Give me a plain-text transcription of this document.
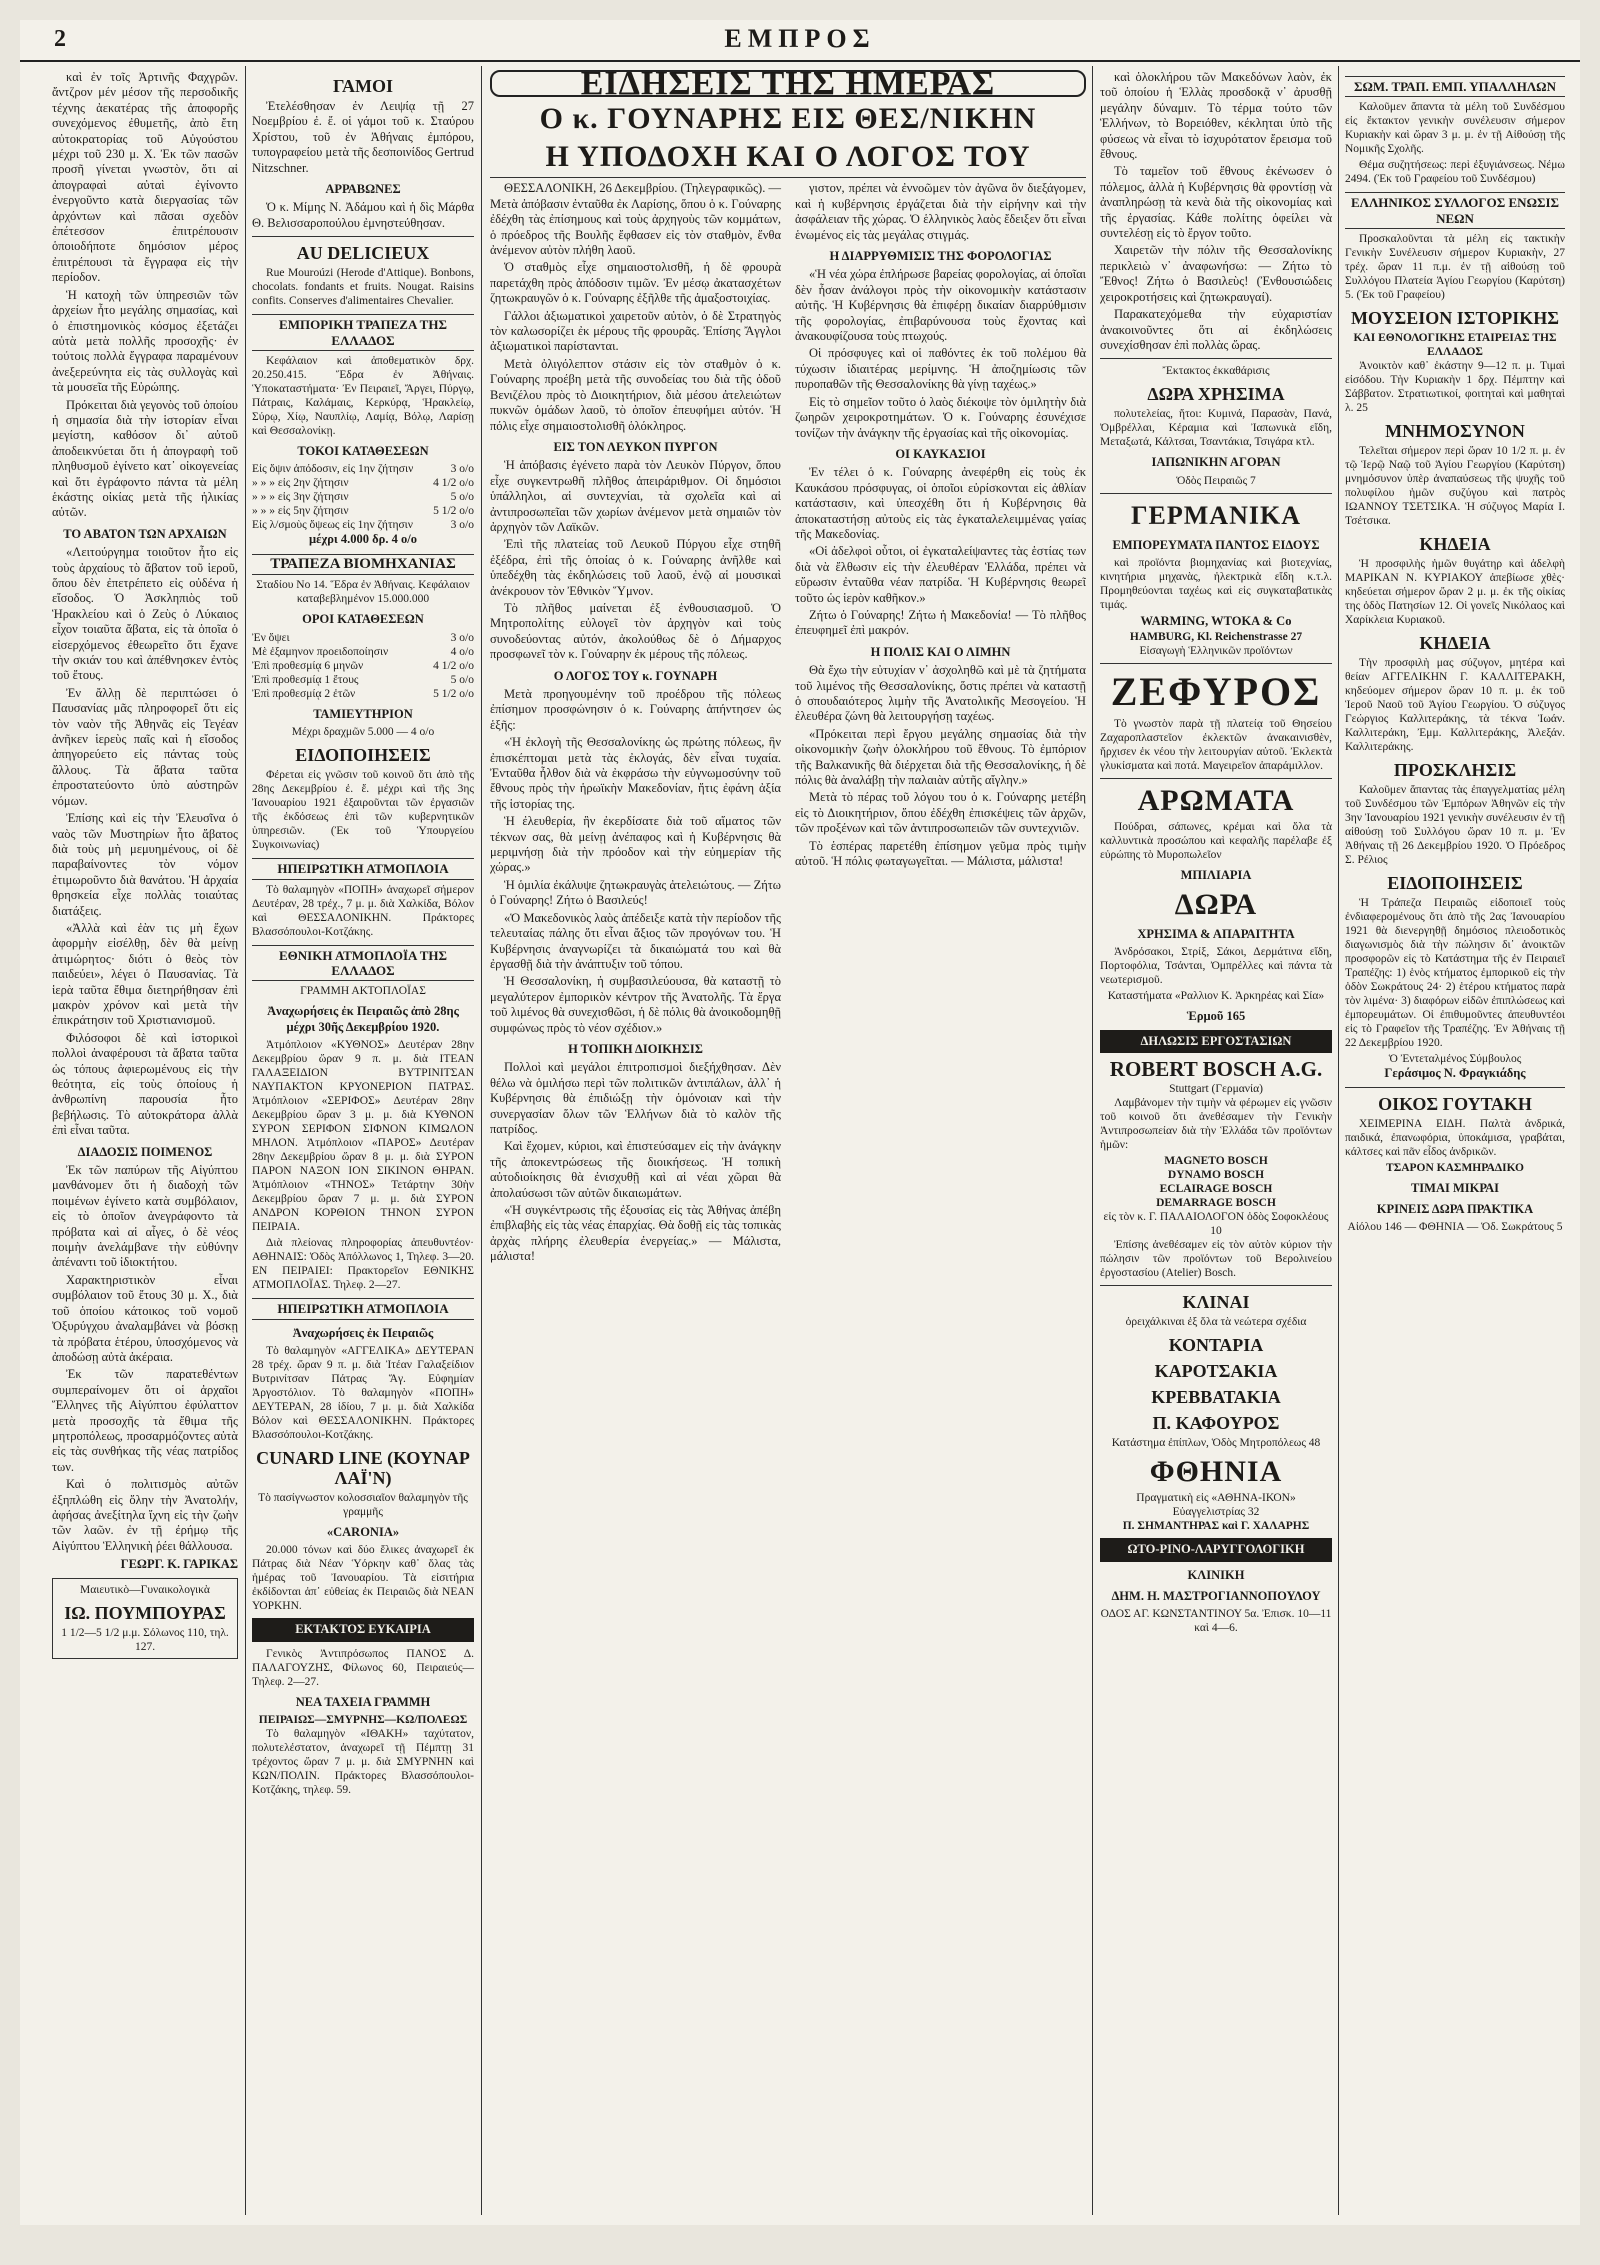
2	ΕΜΠΡΟΣ

καὶ ἐν τοῖς Ἀρτινῆς Φαχγρῶν. ἄντζρον μέν μέσον τῆς περσοδικῆς τέχνης ἀεκατέρας τῆς ἀποφορῆς συνεχόμενος ἐθυμετῆς, ἀπὸ ἔτη αὐτοκρατορίας τοῦ Αὐγούστου μέχρι τοῦ 230 μ. Χ. Ἐκ τῶν πασῶν προσῆ γίνεται γνωστὸν, ὅτι αἱ ἀπογραφαὶ αὐταὶ ἐγίνοντο ἐνεργοῦντο κατὰ διεργασίας τῶν ἀρχόντων καὶ πᾶσαι σχεδὸν ἐπέτεσσον ἐπιτρέπουσιν ὁποιοδήποτε δημόσιον μέρος ἐπιτρέπουσι τὰ ἔγγραφα εἰς τὴν περίοδον.

Ἡ κατοχὴ τῶν ὑπηρεσιῶν τῶν ἀρχείων ἦτο μεγάλης σημασίας, καὶ ὁ ἐπιστημονικὸς κόσμος ἐξετάζει αὐτὰ μετὰ πολλῆς προσοχῆς· ἐν τούτοις πολλὰ ἔγγραφα παραμένουν ἀνεξερεύνητα εἰς τὰς συλλογὰς καὶ τὰ μουσεῖα τῆς Εὐρώπης.

Πρόκειται διὰ γεγονὸς τοῦ ὁποίου ἡ σημασία διὰ τὴν ἱστορίαν εἶναι μεγίστη, καθόσον δι᾽ αὐτοῦ ἀποδεικνύεται ὅτι ἡ ἀπογραφὴ τοῦ πληθυσμοῦ ἐγίνετο κατ᾽ οἰκογενείας καὶ ὅτι ἐγράφοντο πάντα τὰ μέλη ἑκάστης οἰκίας μετὰ τῆς ἡλικίας αὐτῶν.

ΤΟ ΑΒΑΤΟΝ ΤΩΝ ΑΡΧΑΙΩΝ

«Λειτούργημα τοιοῦτον ἦτο εἰς τοὺς ἀρχαίους τὸ ἄβατον τοῦ ἱεροῦ, ὅπου δὲν ἐπετρέπετο εἰς οὐδένα ἡ εἴσοδος. Ὁ Ἀσκληπιὸς τοῦ Ἡρακλείου καὶ ὁ Ζεὺς ὁ Λύκαιος εἶχον τοιαῦτα ἄβατα, εἰς τὰ ὁποῖα ὁ εἰσερχόμενος ἐθεωρεῖτο ὅτι ἔχανε τὴν σκιάν του καὶ ἀπέθνησκεν ἐντὸς τοῦ ἔτους.

Ἐν ἄλλῃ δὲ περιπτώσει ὁ Παυσανίας μᾶς πληροφορεῖ ὅτι εἰς τὸν ναὸν τῆς Ἀθηνᾶς εἰς Τεγέαν ἀνῆκεν ἱερεὺς παῖς καὶ ἡ εἴσοδος ἀπηγορεύετο εἰς πάντας τοὺς ἄλλους. Τὰ ἄβατα ταῦτα ἐπροστατεύοντο ὑπὸ αὐστηρῶν νόμων.

Ἐπίσης καὶ εἰς τὴν Ἐλευσῖνα ὁ ναὸς τῶν Μυστηρίων ἦτο ἄβατος διὰ τοὺς μὴ μεμυημένους, οἱ δὲ παραβαίνοντες τὸν νόμον ἐτιμωροῦντο διὰ θανάτου. Ἡ ἀρχαία θρησκεία εἶχε πολλὰς τοιαύτας διατάξεις.

«Ἀλλὰ καὶ ἐὰν τις μὴ ἔχων ἀφορμὴν εἰσέλθῃ, δὲν θὰ μείνῃ ἀτιμώρητος· διότι ὁ θεὸς τὸν παιδεύει», λέγει ὁ Παυσανίας. Τὰ ἱερὰ ταῦτα ἔθιμα διετηρήθησαν ἐπὶ μακρὸν χρόνον καὶ μετὰ τὴν ἐπικράτησιν τοῦ Χριστιανισμοῦ.

Φιλόσοφοι δὲ καὶ ἱστορικοὶ πολλοὶ ἀναφέρουσι τὰ ἄβατα ταῦτα ὡς τόπους ἀφιερωμένους εἰς τὴν θεότητα, εἰς τοὺς ὁποίους ἡ ἀνθρωπίνη παρουσία ἦτο βεβήλωσις. Τὸ αὐτοκράτορα ἀλλὰ ἐπὶ εἶναι ταῦτα.

ΔΙΑΔΟΣΙΣ ΠΟΙΜΕΝΟΣ

Ἐκ τῶν παπύρων τῆς Αἰγύπτου μανθάνομεν ὅτι ἡ διαδοχὴ τῶν ποιμένων ἐγίνετο κατὰ συμβόλαιον, εἰς τὸ ὁποῖον ἀνεγράφοντο τὰ πρόβατα καὶ αἱ αἶγες, ὁ δὲ νέος ποιμὴν ἀνελάμβανε τὴν εὐθύνην ἀπέναντι τοῦ ἰδιοκτήτου.

Χαρακτηριστικὸν εἶναι συμβόλαιον τοῦ ἔτους 30 μ. Χ., διὰ τοῦ ὁποίου κάτοικος τοῦ νομοῦ Ὀξυρύγχου ἀναλαμβάνει νὰ βόσκῃ τὰ πρόβατα ἑτέρου, ὑποσχόμενος νὰ ἀποδώσῃ αὐτὰ ἀκέραια.

Ἐκ τῶν παρατεθέντων συμπεραίνομεν ὅτι οἱ ἀρχαῖοι Ἕλληνες τῆς Αἰγύπτου ἐφύλαττον μετὰ προσοχῆς τὰ ἔθιμα τῆς μητροπόλεως, προσαρμόζοντες αὐτὰ εἰς τὰς συνθήκας τῆς νέας πατρίδος των.

Καὶ ὁ πολιτισμὸς αὐτῶν ἐξηπλώθη εἰς ὅλην τὴν Ἀνατολήν, ἀφήσας ἀνεξίτηλα ἴχνη εἰς τὴν ζωὴν τῶν λαῶν. ἐν τῇ ἐρήμῳ τῆς Αἰγύπτου Ἑλληνικὴ ῥέει θάλλουσα.

ΓΕΩΡΓ. Κ. ΓΑΡΙΚΑΣ
Μαιευτικὸ—Γυναικολογικὰ
ΙΩ. ΠΟΥΜΠΟΥΡΑΣ
1 1/2—5 1/2 μ.μ. Σόλωνος 110, τηλ. 127.
ΓΑΜΟΙ

Ἐτελέσθησαν ἐν Λειψίᾳ τῇ 27 Νοεμβρίου ἐ. ἔ. οἱ γάμοι τοῦ κ. Σταύρου Χρίστου, τοῦ ἐν Ἀθήναις ἐμπόρου, τυπογραφείου μετὰ τῆς δεσποινίδος Gertrud Nitzschner.

ΑΡΡΑΒΩΝΕΣ

Ὁ κ. Μίμης Ν. Ἀδάμου καὶ ἡ δὶς Μάρθα Θ. Βελισσαροπούλου ἐμνηστεύθησαν.

AU DELICIEUX

Rue Mouroúzi (Herode d'Attique). Bonbons, chocolats. fondants et fruits. Nougat. Raisins confits. Conserves d'alimentaires Chevalier.

ΕΜΠΟΡΙΚΗ ΤΡΑΠΕΖΑ ΤΗΣ ΕΛΛΑΔΟΣ

Κεφάλαιον καὶ ἀποθεματικὸν δρχ. 20.250.415. Ἕδρα ἐν Ἀθήναις. Ὑποκαταστήματα· Ἐν Πειραιεῖ, Ἄργει, Πύργῳ, Πάτραις, Καλάμαις, Κερκύρᾳ, Ἡρακλείῳ, Σύρῳ, Χίῳ, Ναυπλίῳ, Λαμίᾳ, Βόλῳ, Λαρίσῃ καὶ Θεσσαλονίκῃ.

ΤΟΚΟΙ ΚΑΤΑΘΕΣΕΩΝ
Εἰς ὅψιν ἀπόδοσιν, εἰς 1ην ζήτησιν	3 ο/ο
» » » εἰς 2ην ζήτησιν	4 1/2 ο/ο
» » » εἰς 3ην ζήτησιν	5 ο/ο
» » » εἰς 5ην ζήτησιν	5 1/2 ο/ο
Εἰς λ/σμοὺς ὄψεως εἰς 1ην ζήτησιν	3 ο/ο
μέχρι 4.000 δρ. 4 ο/ο
ΤΡΑΠΕΖΑ ΒΙΟΜΗΧΑΝΙΑΣ
Σταδίου Νο 14. Ἕδρα ἐν Ἀθήναις. Κεφάλαιον καταβεβλημένον 15.000.000
ΟΡΟΙ ΚΑΤΑΘΕΣΕΩΝ
Ἐν ὄψει	3 ο/ο
Μὲ ἐξαμηνον προειδοποίησιν	4 ο/ο
Ἐπὶ προθεσμίᾳ 6 μηνῶν	4 1/2 ο/ο
Ἐπὶ προθεσμίᾳ 1 ἔτους	5 ο/ο
Ἐπὶ προθεσμίᾳ 2 ἐτῶν	5 1/2 ο/ο
ΤΑΜΙΕΥΤΗΡΙΟΝ
Μέχρι δραχμῶν 5.000 — 4 ο/ο
ΕΙΔΟΠΟΙΗΣΕΙΣ

Φέρεται εἰς γνῶσιν τοῦ κοινοῦ ὅτι ἀπὸ τῆς 28ης Δεκεμβρίου ἐ. ἔ. μέχρι καὶ τῆς 3ης Ἰανουαρίου 1921 ἐξαιροῦνται τῶν ἐργασιῶν τῆς ἐκδόσεως ἐπὶ τῶν κυβερνητικῶν ὑπηρεσιῶν. (Ἐκ τοῦ Ὑπουργείου Συγκοινωνίας)

ΗΠΕΙΡΩΤΙΚΗ ΑΤΜΟΠΛΟΙΑ

Τὸ θαλαμηγὸν «ΠΟΠΗ» ἀναχωρεῖ σήμερον Δευτέραν, 28 τρέχ., 7 μ. μ. διὰ Χαλκίδα, Βόλον καὶ ΘΕΣΣΑΛΟΝΙΚΗΝ. Πράκτορες Βλασσόπουλοι-Κοτζάκης.

ΕΘΝΙΚΗ ΑΤΜΟΠΛΟΪΑ ΤΗΣ ΕΛΛΑΔΟΣ
ΓΡΑΜΜΗ ΑΚΤΟΠΛΟΪΑΣ
Ἀναχωρήσεις ἐκ Πειραιῶς ἀπὸ 28ης μέχρι 30ῆς Δεκεμβρίου 1920.

Ἀτμόπλοιον «ΚΥΘΝΟΣ» Δευτέραν 28ην Δεκεμβρίου ὥραν 9 π. μ. διὰ ΙΤΕΑΝ ΓΑΛΑΞΕΙΔΙΟΝ ΒΥΤΡΙΝΙΤΣΑΝ ΝΑΥΠΑΚΤΟΝ ΚΡΥΟΝΕΡΙΟΝ ΠΑΤΡΑΣ. Ἀτμόπλοιον «ΣΕΡΙΦΟΣ» Δευτέραν 28ην Δεκεμβρίου ὥραν 3 μ. μ. διὰ ΚΥΘΝΟΝ ΣΥΡΟΝ ΣΕΡΙΦΟΝ ΣΙΦΝΟΝ ΚΙΜΩΛΟΝ ΜΗΛΟΝ. Ἀτμόπλοιον «ΠΑΡΟΣ» Δευτέραν 28ην Δεκεμβρίου ὥραν 8 μ. μ. διὰ ΣΥΡΟΝ ΠΑΡΟΝ ΝΑΞΟΝ ΙΟΝ ΣΙΚΙΝΟΝ ΘΗΡΑΝ. Ἀτμόπλοιον «ΤΗΝΟΣ» Τετάρτην 30ὴν Δεκεμβρίου ὥραν 7 μ. μ. διὰ ΣΥΡΟΝ ΑΝΔΡΟΝ ΚΟΡΘΙΟΝ ΤΗΝΟΝ ΣΥΡΟΝ ΠΕΙΡΑΙΑ.

Διὰ πλείονας πληροφορίας ἀπευθυντέον· ΑΘΗΝΑΙΣ: Ὁδὸς Ἀπόλλωνος 1, Τηλεφ. 3—20. ΕΝ ΠΕΙΡΑΙΕΙ: Πρακτορεῖον ΕΘΝΙΚΗΣ ΑΤΜΟΠΛΟΪΑΣ. Τηλεφ. 2—27.

ΗΠΕΙΡΩΤΙΚΗ ΑΤΜΟΠΛΟΙΑ
Ἀναχωρήσεις ἐκ Πειραιῶς

Τὸ θαλαμηγὸν «ΑΓΓΕΛΙΚΑ» ΔΕΥΤΕΡΑΝ 28 τρέχ. ὥραν 9 π. μ. διὰ Ἰτέαν Γαλαξείδιον Βυτρινίτσαν Πάτρας Ἅγ. Εὐφημίαν Ἀργοστόλιον. Τὸ θαλαμηγὸν «ΠΟΠΗ» ΔΕΥΤΕΡΑΝ, 28 ἰδίου, 7 μ. μ. διὰ Χαλκίδα Βόλον καὶ ΘΕΣΣΑΛΟΝΙΚΗΝ. Πράκτορες Βλασσόπουλοι-Κοτζάκης.

CUNARD LINE (ΚΟΥΝΑΡ ΛΑΪ'Ν)
Τὸ πασίγνωστον κολοσσιαῖον θαλαμηγὸν τῆς γραμμῆς
«CARONIA»

20.000 τόνων καὶ δύο ἕλικες ἀναχωρεῖ ἐκ Πάτρας διὰ Νέαν Ὑόρκην καθ᾽ ὅλας τὰς ἡμέρας τοῦ Ἰανουαρίου. Τὰ εἰσιτήρια ἐκδίδονται ἀπ᾽ εὐθείας ἐκ Πειραιῶς διὰ ΝΕΑΝ ΥΟΡΚΗΝ.

ΕΚΤΑΚΤΟΣ ΕΥΚΑΙΡΙΑ

Γενικὸς Ἀντιπρόσωπος ΠΑΝΟΣ Δ. ΠΑΛΑΓΟΥΖΗΣ, Φίλωνος 60, Πειραιεύς—Τηλεφ. 2—27.

ΝΕΑ ΤΑΧΕΙΑ ΓΡΑΜΜΗ
ΠΕΙΡΑΙΩΣ—ΣΜΥΡΝΗΣ—ΚΩ/ΠΟΛΕΩΣ

Τὸ θαλαμηγὸν «ΙΘΑΚΗ» ταχύτατον, πολυτελέστατον, ἀναχωρεῖ τῇ Πέμπτῃ 31 τρέχοντος ὥραν 7 μ. μ. διὰ ΣΜΥΡΝΗΝ καὶ ΚΩΝ/ΠΟΛΙΝ. Πράκτορες Βλασσόπουλοι-Κοτζάκης, τηλεφ. 59.

ΕΙΔΗΣΕΙΣ ΤΗΣ ΗΜΕΡΑΣ
Ο κ. ΓΟΥΝΑΡΗΣ ΕΙΣ ΘΕΣ/ΝΙΚΗΝ
Η ΥΠΟΔΟΧΗ ΚΑΙ Ο ΛΟΓΟΣ ΤΟΥ

ΘΕΣΣΑΛΟΝΙΚΗ, 26 Δεκεμβρίου. (Τηλεγραφικῶς). — Μετὰ ἀπόβασιν ἐνταῦθα ἐκ Λαρίσης, ὅπου ὁ κ. Γούναρης ἐδέχθη τὰς ἐπίσημους καὶ τοὺς ἀρχηγοὺς τῶν κομμάτων, ὁ πρόεδρος τῆς Βουλῆς ἔφθασεν εἰς τὸν σταθμὸν, ἔνθα ἀνέμενον αὐτὸν πλήθη λαοῦ.

Ὁ σταθμὸς εἶχε σημαιοστολισθῆ, ἡ δὲ φρουρὰ παρετάχθη πρὸς ἀπόδοσιν τιμῶν. Ἐν μέσῳ ἀκατασχέτων ζητωκραυγῶν ὁ κ. Γούναρης ἐξῆλθε τῆς ἁμαξοστοιχίας.

Γάλλοι ἀξιωματικοὶ χαιρετοῦν αὐτὸν, ὁ δὲ Στρατηγὸς τὸν καλωσορίζει ἐκ μέρους τῆς φρουρᾶς. Ἐπίσης Ἄγγλοι ἀξιωματικοὶ παρίστανται.

Μετὰ ὀλιγόλεπτον στάσιν εἰς τὸν σταθμὸν ὁ κ. Γούναρης προέβη μετὰ τῆς συνοδείας του διὰ τῆς ὁδοῦ Βενιζέλου πρὸς τὸ Διοικητήριον, διὰ μέσου ἀτελειώτων πυκνῶν ὁμάδων λαοῦ, τὸ ὁποῖον ἐπευφήμει αὐτόν. Ἡ πόλις εἶχε σημαιοστολισθῆ ὁλόκληρος.

ΕΙΣ ΤΟΝ ΛΕΥΚΟΝ ΠΥΡΓΟΝ

Ἡ ἀπόβασις ἐγένετο παρὰ τὸν Λευκὸν Πύργον, ὅπου εἶχε συγκεντρωθῆ πλῆθος ἀπειράριθμον. Οἱ δημόσιοι ὑπάλληλοι, αἱ συντεχνίαι, τὰ σχολεῖα καὶ αἱ ἀντιπροσωπεῖαι τῶν χωρίων ἀνέμενον μετὰ σημαιῶν τὸν ἀρχηγὸν τῶν Λαϊκῶν.

Ἐπὶ τῆς πλατείας τοῦ Λευκοῦ Πύργου εἶχε στηθῆ ἐξέδρα, ἐπὶ τῆς ὁποίας ὁ κ. Γούναρης ἀνῆλθε καὶ ὑπεδέχθη τὰς ἐκδηλώσεις τοῦ λαοῦ, ἐνῷ αἱ μουσικαὶ ἀνέκρουον τὸν Ἐθνικὸν Ὕμνον.

Τὸ πλῆθος μαίνεται ἐξ ἐνθουσιασμοῦ. Ὁ Μητροπολίτης εὐλογεῖ τὸν ἀρχηγὸν καὶ τοὺς συνοδεύοντας αὐτόν, ἀκολούθως δὲ ὁ Δήμαρχος προσφωνεῖ τὸν κ. Γούναρην ἐκ μέρους τῆς πόλεως.

Ο ΛΟΓΟΣ ΤΟΥ κ. ΓΟΥΝΑΡΗ

Μετὰ προηγουμένην τοῦ προέδρου τῆς πόλεως ἐπίσημον προσφώνησιν ὁ κ. Γούναρης ἀπήντησεν ὡς ἑξῆς:

«Ἡ ἐκλογὴ τῆς Θεσσαλονίκης ὡς πρώτης πόλεως, ἣν ἐπισκέπτομαι μετὰ τὰς ἐκλογάς, δὲν εἶναι τυχαία. Ἐνταῦθα ἦλθον διὰ νὰ ἐκφράσω τὴν εὐγνωμοσύνην τοῦ ἔθνους πρὸς τὴν ἡρωϊκὴν Μακεδονίαν, ἥτις ἐφάνη ἀξία τῆς ἱστορίας της.

Ἡ ἐλευθερία, ἣν ἐκερδίσατε διὰ τοῦ αἵματος τῶν τέκνων σας, θὰ μείνῃ ἀνέπαφος καὶ ἡ Κυβέρνησις θὰ μεριμνήσῃ διὰ τὴν πρόοδον καὶ τὴν εὐημερίαν τῆς χώρας.»

Ἡ ὁμιλία ἐκάλυψε ζητωκραυγὰς ἀτελειώτους. — Ζήτω ὁ Γούναρης! Ζήτω ὁ Βασιλεύς!

«Ὁ Μακεδονικὸς λαὸς ἀπέδειξε κατὰ τὴν περίοδον τῆς τελευταίας πάλης ὅτι εἶναι ἄξιος τῶν προγόνων του. Ἡ Κυβέρνησις ἀναγνωρίζει τὰ δικαιώματά του καὶ θὰ ἐργασθῇ διὰ τὴν ἀνάπτυξιν τοῦ τόπου.

Ἡ Θεσσαλονίκη, ἡ συμβασιλεύουσα, θὰ καταστῇ τὸ μεγαλύτερον ἐμπορικὸν κέντρον τῆς Ἀνατολῆς. Τὰ ἔργα τοῦ λιμένος θὰ συνεχισθῶσι, ἡ δὲ πόλις θὰ ἀνοικοδομηθῇ συμφώνως πρὸς τὸ νέον σχέδιον.»

Η ΤΟΠΙΚΗ ΔΙΟΙΚΗΣΙΣ

Πολλοὶ καὶ μεγάλοι ἐπιτροπισμοὶ διεξήχθησαν. Δὲν θέλω νὰ ὁμιλήσω περὶ τῶν πολιτικῶν ἀντιπάλων, ἀλλ᾽ ἡ Κυβέρνησις θὰ ἐπιδιώξῃ τὴν ὁμόνοιαν καὶ τὴν συνεργασίαν ὅλων τῶν Ἑλλήνων διὰ τὸ καλὸν τῆς πατρίδος.

Καὶ ἔχομεν, κύριοι, καὶ ἐπιστεύσαμεν εἰς τὴν ἀνάγκην τῆς ἀποκεντρώσεως τῆς διοικήσεως. Ἡ τοπικὴ αὐτοδιοίκησις θὰ ἐνισχυθῇ καὶ αἱ νέαι χῶραι θὰ ἀπολαύσωσι τῶν αὐτῶν δικαιωμάτων.

«Ἡ συγκέντρωσις τῆς ἐξουσίας εἰς τὰς Ἀθήνας ἀπέβη ἐπιβλαβὴς εἰς τὰς νέας ἐπαρχίας. Θὰ δοθῇ εἰς τὰς τοπικὰς ἀρχὰς πλήρης ἐλευθερία ἐνεργείας.» — Μάλιστα, μάλιστα!

γιστον, πρέπει νὰ ἐννοῶμεν τὸν ἀγῶνα ὃν διεξάγομεν, καὶ ἡ κυβέρνησις ἐργάζεται διὰ τὴν εἰρήνην καὶ τὴν ἀσφάλειαν τῆς χώρας. Ὁ ἑλληνικὸς λαὸς ἔδειξεν ὅτι εἶναι ἑνωμένος εἰς τὰς μεγάλας στιγμάς.

Η ΔΙΑΡΡΥΘΜΙΣΙΣ ΤΗΣ ΦΟΡΟΛΟΓΙΑΣ

«Ἡ νέα χώρα ἐπλήρωσε βαρείας φορολογίας, αἱ ὁποῖαι δὲν ἦσαν ἀνάλογοι πρὸς τὴν οἰκονομικὴν κατάστασιν αὐτῆς. Ἡ Κυβέρνησις θὰ ἐπιφέρῃ δικαίαν διαρρύθμισιν τῆς φορολογίας, ἐπιβαρύνουσα τοὺς ἔχοντας καὶ ἀνακουφίζουσα τοὺς πτωχούς.

Οἱ πρόσφυγες καὶ οἱ παθόντες ἐκ τοῦ πολέμου θὰ τύχωσιν ἰδιαιτέρας μερίμνης. Ἡ ἀποζημίωσις τῶν πυροπαθῶν τῆς Θεσσαλονίκης θὰ γίνῃ ταχέως.»

Εἰς τὸ σημεῖον τοῦτο ὁ λαὸς διέκοψε τὸν ὁμιλητὴν διὰ ζωηρῶν χειροκροτημάτων. Ὁ κ. Γούναρης ἐσυνέχισε τονίζων τὴν ἀνάγκην τῆς ἐργασίας καὶ τῆς οἰκονομίας.

ΟΙ ΚΑΥΚΑΣΙΟΙ

Ἐν τέλει ὁ κ. Γούναρης ἀνεφέρθη εἰς τοὺς ἐκ Καυκάσου πρόσφυγας, οἱ ὁποῖοι εὑρίσκονται εἰς ἀθλίαν κατάστασιν, καὶ ὑπεσχέθη ὅτι ἡ Κυβέρνησις θὰ ἀποκαταστήσῃ αὐτοὺς εἰς τὰς ἐγκαταλελειμμένας γαίας τῆς Μακεδονίας.

«Οἱ ἀδελφοὶ οὗτοι, οἱ ἐγκαταλείψαντες τὰς ἑστίας των διὰ νὰ ἔλθωσιν εἰς τὴν ἐλευθέραν Ἑλλάδα, πρέπει νὰ εὕρωσιν ἐνταῦθα νέαν πατρίδα. Ἡ Κυβέρνησις θεωρεῖ τοῦτο ὡς ἱερὸν καθῆκον.»

Ζήτω ὁ Γούναρης! Ζήτω ἡ Μακεδονία! — Τὸ πλῆθος ἐπευφημεῖ ἐπὶ μακρόν.

Η ΠΟΛΙΣ ΚΑΙ Ο ΛΙΜΗΝ

Θὰ ἔχω τὴν εὐτυχίαν ν᾽ ἀσχοληθῶ καὶ μὲ τὰ ζητήματα τοῦ λιμένος τῆς Θεσσαλονίκης, ὅστις πρέπει νὰ καταστῇ ὁ σπουδαιότερος λιμὴν τῆς Ἀνατολικῆς Μεσογείου. Ἡ ἐλευθέρα ζώνη θὰ λειτουργήσῃ ταχέως.

«Πρόκειται περὶ ἔργου μεγάλης σημασίας διὰ τὴν οἰκονομικὴν ζωὴν ὁλοκλήρου τοῦ ἔθνους. Τὸ ἐμπόριον τῆς Βαλκανικῆς θὰ διέρχεται διὰ τῆς Θεσσαλονίκης, ἡ δὲ πόλις θὰ ἀναλάβῃ τὴν παλαιὰν αὐτῆς αἴγλην.»

Μετὰ τὸ πέρας τοῦ λόγου του ὁ κ. Γούναρης μετέβη εἰς τὸ Διοικητήριον, ὅπου ἐδέχθη ἐπισκέψεις τῶν ἀρχῶν, τῶν προξένων καὶ τῶν ἀντιπροσωπειῶν τῶν συντεχνιῶν.

Τὸ ἑσπέρας παρετέθη ἐπίσημον γεῦμα πρὸς τιμὴν αὐτοῦ. Ἡ πόλις φωταγωγεῖται. — Μάλιστα, μάλιστα!

καὶ ὁλοκλήρου τῶν Μακεδόνων λαὸν, ἐκ τοῦ ὁποίου ἡ Ἑλλὰς προσδοκᾷ ν᾽ ἀρυσθῇ μεγάλην δύναμιν. Τὸ τέρμα τούτο τῶν Ἑλλήνων, τὸ Βορειόθεν, κέκληται ὑπὸ τῆς φύσεως νὰ εἶναι τὸ ἰσχυρότατον ἔρεισμα τοῦ ἔθνους.

Τὸ ταμεῖον τοῦ ἔθνους ἐκένωσεν ὁ πόλεμος, ἀλλὰ ἡ Κυβέρνησις θὰ φροντίσῃ νὰ ἀναπληρώσῃ τὰ κενὰ διὰ τῆς οἰκονομίας καὶ τῆς ἐργασίας. Κάθε πολίτης ὀφείλει νὰ συντελέσῃ εἰς τὸ ἔργον τοῦτο.

Χαιρετῶν τὴν πόλιν τῆς Θεσσαλονίκης περικλειὼ ν᾽ ἀναφωνήσω: — Ζήτω τὸ Ἔθνος! Ζήτω ὁ Βασιλεὺς! (Ἐνθουσιώδεις χειροκροτήσεις καὶ ζητωκραυγαί).

Παρακατεχόμεθα τὴν εὐχαριστίαν ἀνακοινοῦντες ὅτι αἱ ἐκδηλώσεις συνεχίσθησαν ἐπὶ πολλὰς ὥρας.

Ἔκτακτος ἐκκαθάρισις
ΔΩΡΑ ΧΡΗΣΙΜΑ

πολυτελείας, ἤτοι: Κυμινά, Παρασὰν, Πανά, Ὀμβρέλλαι, Κέραμια καὶ Ἰαπωνικὰ εἴδη, Μεταξωτά, Κάλτσαι, Τσαντάκια, Τσιγάρα κτλ.

ΙΑΠΩΝΙΚΗΝ ΑΓΟΡΑΝ
Ὁδὸς Πειραιῶς 7
ΓΕΡΜΑΝΙΚΑ
ΕΜΠΟΡΕΥΜΑΤΑ ΠΑΝΤΟΣ ΕΙΔΟΥΣ

καὶ προϊόντα βιομηχανίας καὶ βιοτεχνίας, κινητήρια μηχανὰς, ἠλεκτρικὰ εἴδη κ.τ.λ. Προμηθεύονται ταχέως καὶ εἰς συγκαταβατικὰς τιμάς.

WARMING, WTOKA & Co
HAMBURG, Kl. Reichenstrasse 27
Εἰσαγωγὴ Ἑλληνικῶν προϊόντων
ΖΕΦΥΡΟΣ

Τὸ γνωστὸν παρὰ τῇ πλατείᾳ τοῦ Θησείου Ζαχαροπλαστεῖον ἐκλεκτῶν ἀνακαινισθὲν, ἤρχισεν ἐκ νέου τὴν λειτουργίαν αὐτοῦ. Ἐκλεκτὰ γλυκίσματα καὶ ποτά. Μαγειρεῖον ἀπαράμιλλον.

ΑΡΩΜΑΤΑ

Πούδραι, σάπωνες, κρέμαι καὶ ὅλα τὰ καλλυντικὰ προσώπου καὶ κεφαλῆς παρέλαβε ἐξ εὐρώπης τὸ Μυροπωλεῖον

ΜΠΙΛΙΑΡΙΑ
ΔΩΡΑ
ΧΡΗΣΙΜΑ & ΑΠΑΡΑΙΤΗΤΑ

Ἀνδρόσακοι, Στρίξ, Σάκοι, Δερμάτινα εἴδη, Πορτοφόλια, Τσάνται, Ὀμπρέλλες καὶ πάντα τὰ νεωτερισμοῦ.

Καταστήματα «Ραλλιον Κ. Ἀρκηρέας καὶ Σία»
Ἑρμοῦ 165
ΔΗΛΩΣΙΣ ΕΡΓΟΣΤΑΣΙΩΝ
ROBERT BOSCH A.G.
Stuttgart (Γερμανία)

Λαμβάνομεν τὴν τιμὴν νὰ φέρωμεν εἰς γνῶσιν τοῦ κοινοῦ ὅτι ἀνεθέσαμεν τὴν Γενικὴν Ἀντιπροσωπείαν διὰ τὴν Ἑλλάδα τῶν προϊόντων ἡμῶν:

MAGNETO BOSCH
DYNAMO BOSCH
ECLAIRAGE BOSCH
DEMARRAGE BOSCH
εἰς τὸν κ. Γ. ΠΑΛΑΙΟΛΟΓΟΝ ὁδὸς Σοφοκλέους 10

Ἐπίσης ἀνεθέσαμεν εἰς τὸν αὐτὸν κύριον τὴν πώλησιν τῶν προϊόντων τοῦ Βερολινείου ἐργοστασίου (Atelier) Bosch.

ΚΛΙΝΑΙ
ὀρειχάλκιναι ἐξ ὅλα τὰ νεώτερα σχέδια
ΚΟΝΤΑΡΙΑ
ΚΑΡΟΤΣΑΚΙΑ
ΚΡΕΒΒΑΤΑΚΙΑ
Π. ΚΑΦΟΥΡΟΣ
Κατάστημα ἐπίπλων, Ὁδὸς Μητροπόλεως 48
ΦΘΗΝΙΑ
Πραγματικὴ εἰς «ΑΘΗΝΑ-ΙΚΟΝ» Εὐαγγελιστρίας 32
Π. ΣΗΜΑΝΤΗΡΑΣ καὶ Γ. ΧΑΛΑΡΗΣ
ΩΤΟ-ΡΙΝΟ-ΛΑΡΥΓΓΟΛΟΓΙΚΗ
ΚΛΙΝΙΚΗ
ΔΗΜ. Η. ΜΑΣΤΡΟΓΙΑΝΝΟΠΟΥΛΟΥ
ΟΔΟΣ ΑΓ. ΚΩΝΣΤΑΝΤΙΝΟΥ 5α. Ἐπισκ. 10—11 καὶ 4—6.
ΣΩΜ. ΤΡΑΠ. ΕΜΠ. ΥΠΑΛΛΗΛΩΝ

Καλοῦμεν ἅπαντα τὰ μέλη τοῦ Συνδέσμου εἰς ἔκτακτον γενικὴν συνέλευσιν σήμερον Κυριακὴν καὶ ὥραν 3 μ. μ. ἐν τῇ Αἰθούσῃ τῆς Νομικῆς Σχολῆς.

Θέμα συζητήσεως: περὶ ἐξυγιάνσεως. Νέμω 2494. (Ἐκ τοῦ Γραφείου τοῦ Συνδέσμου)

ΕΛΛΗΝΙΚΟΣ ΣΥΛΛΟΓΟΣ ΕΝΩΣΙΣ ΝΕΩΝ

Προσκαλοῦνται τὰ μέλη εἰς τακτικὴν Γενικὴν Συνέλευσιν σήμερον Κυριακὴν, 27 τρέχ. ὥραν 11 π.μ. ἐν τῇ αἰθούσῃ τοῦ Συλλόγου Πλατεία Ἁγίου Γεωργίου (Καρύτση) 5. (Ἐκ τοῦ Γραφείου)

ΜΟΥΣΕΙΟΝ ΙΣΤΟΡΙΚΗΣ
ΚΑΙ ΕΘΝΟΛΟΓΙΚΗΣ ΕΤΑΙΡΕΙΑΣ ΤΗΣ ΕΛΛΑΔΟΣ

Ἀνοικτὸν καθ᾽ ἑκάστην 9—12 π. μ. Τιμαὶ εἰσόδου. Τὴν Κυριακὴν 1 δρχ. Πέμπτην καὶ Σάββατον. Στρατιωτικοί, φοιτηταὶ καὶ μαθηταὶ λ. 25

ΜΝΗΜΟΣΥΝΟΝ

Τελεῖται σήμερον περὶ ὥραν 10 1/2 π. μ. ἐν τῷ Ἱερῷ Ναῷ τοῦ Ἁγίου Γεωργίου (Καρύτση) μνημόσυνον ὑπὲρ ἀναπαύσεως τῆς ψυχῆς τοῦ πολυφίλου ἡμῶν συζύγου καὶ πατρὸς ΙΩΑΝΝΟΥ ΤΣΕΤΣΙΚΑ. Ἡ σύζυγος Μαρία Ι. Τσέτσικα.

ΚΗΔΕΙΑ

Ἡ προσφιλὴς ἡμῶν θυγάτηρ καὶ ἀδελφὴ ΜΑΡΙΚΑΝ Ν. ΚΥΡΙΑΚΟΥ ἀπεβίωσε χθὲς· κηδεύεται σήμερον ὥραν 2 μ. μ. ἐκ τῆς οἰκίας της ὁδὸς Πατησίων 12. Οἱ γονεῖς Νικόλαος καὶ Χαρίκλεια Κυριακοῦ.

ΚΗΔΕΙΑ

Τὴν προσφιλὴ μας σύζυγον, μητέρα καὶ θείαν ΑΓΓΕΛΙΚΗΝ Γ. ΚΑΛΛΙΤΕΡΑΚΗ, κηδεύομεν σήμερον ὥραν 10 π. μ. ἐκ τοῦ Ἱεροῦ Ναοῦ τοῦ Ἁγίου Γεωργίου. Ὁ σύζυγος Γεώργιος Καλλιτεράκης, τὰ τέκνα Ἰωάν. Καλλιτεράκη, Ἐμμ. Καλλιτεράκης, Ἀλεξάν. Καλλιτεράκης.

ΠΡΟΣΚΛΗΣΙΣ

Καλοῦμεν ἅπαντας τὰς ἐπαγγελματίας μέλη τοῦ Συνδέσμου τῶν Ἐμπόρων Ἀθηνῶν εἰς τὴν 3ην Ἰανουαρίου 1921 γενικὴν συνέλευσιν ἐν τῇ αἰθούσῃ τοῦ Συλλόγου ὥραν 10 π. μ. Ἐν Ἀθήναις τῇ 26 Δεκεμβρίου 1920. Ὁ Πρόεδρος Σ. Ρέλιος

ΕΙΔΟΠΟΙΗΣΕΙΣ

Ἡ Τράπεζα Πειραιῶς εἰδοποιεῖ τοὺς ἐνδιαφερομένους ὅτι ἀπὸ τῆς 2ας Ἰανουαρίου 1921 θὰ διενεργηθῇ δημόσιος πλειοδοτικὸς διαγωνισμὸς διὰ τὴν πώλησιν δι᾽ ἀνοικτῶν προσφορῶν εἰς τὸ Κατάστημα τῆς ἐν Πειραιεῖ Τραπέζης: 1) ἑνὸς κτήματος ἐμπορικοῦ εἰς τὴν ὁδὸν Σωκράτους 24· 2) ἑτέρου κτήματος παρὰ τὸν λιμένα· 3) διαφόρων εἰδῶν ἐπιπλώσεως καὶ ἐμπορευμάτων. Οἱ ἐπιθυμοῦντες ἀπευθυντέοι εἰς τὸ Γραφεῖον τῆς Τραπέζης. Ἐν Ἀθήναις τῇ 22 Δεκεμβρίου 1920.

Ὁ Ἐντεταλμένος Σύμβουλος
Γεράσιμος Ν. Φραγκιάδης
ΟΙΚΟΣ ΓΟΥΤΑΚΗ

ΧΕΙΜΕΡΙΝΑ ΕΙΔΗ. Παλτὰ ἀνδρικά, παιδικά, ἐπανωφόρια, ὑποκάμισα, γραβάται, κάλτσες καὶ πᾶν εἶδος ἀνδρικῶν.

ΤΣΑΡΟΝ ΚΑΣΜΗΡΑΔΙΚΟ
ΤΙΜΑΙ ΜΙΚΡΑΙ
ΚΡΙΝΕΙΣ ΔΩΡΑ ΠΡΑΚΤΙΚΑ
Αἰόλου 146 — ΦΘΗΝΙΑ — Ὁδ. Σωκράτους 5
